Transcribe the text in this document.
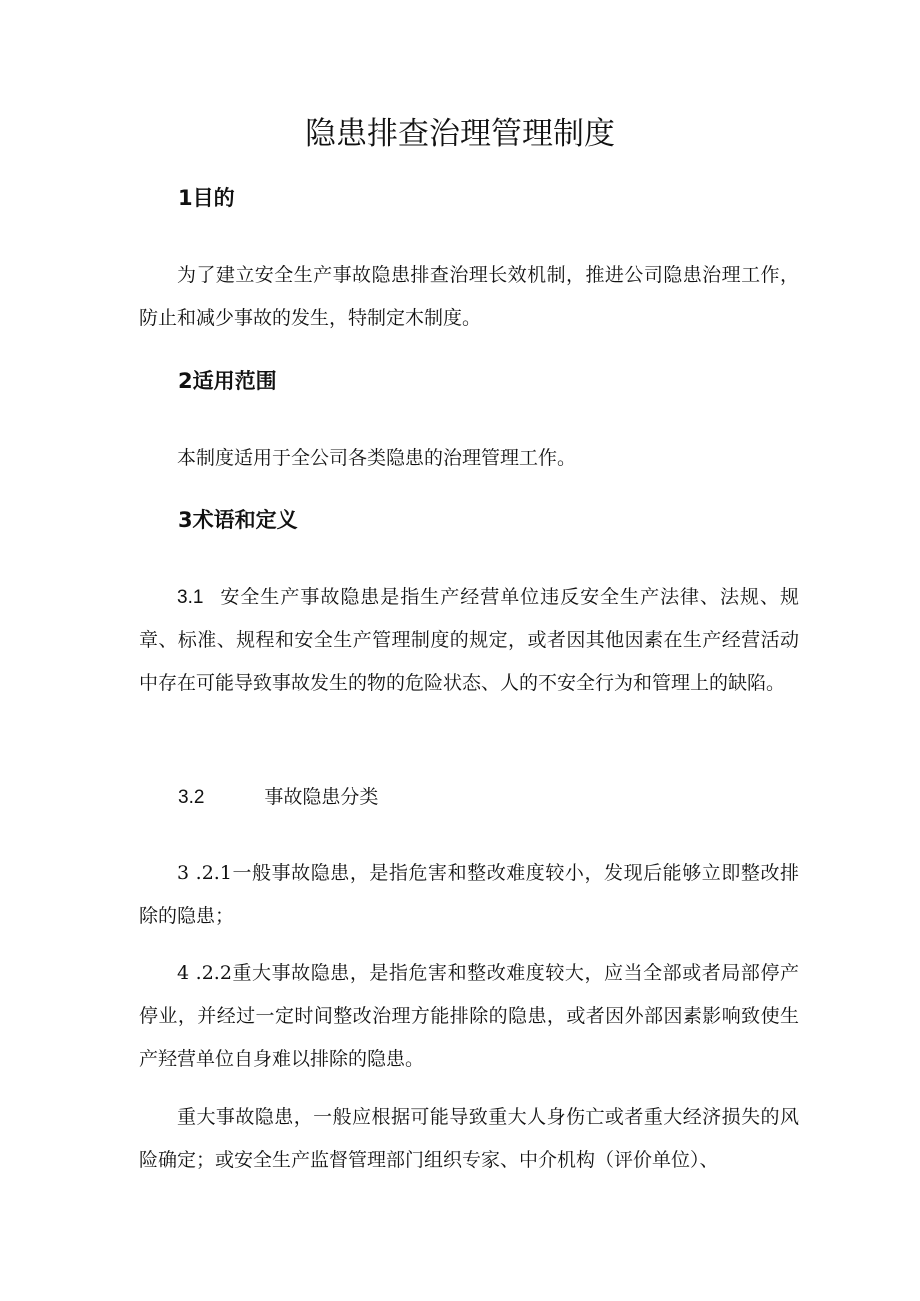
隐患排查治理管理制度
1目的
为了建立安全生产事故隐患排查治理长效机制，推进公司隐患治理工作，防止和减少事故的发生，特制定木制度。
2适用范围
本制度适用于全公司各类隐患的治理管理工作。
3术语和定义
3.1 安全生产事故隐患是指生产经营单位违反安全生产法律、法规、规章、标准、规程和安全生产管理制度的规定，或者因其他因素在生产经营活动中存在可能导致事故发生的物的危险状态、人的不安全行为和管理上的缺陷。
3.2	事故隐患分类
3 .2.1一般事故隐患，是指危害和整改难度较小，发现后能够立即整改排除的隐患；
4 .2.2重大事故隐患，是指危害和整改难度较大，应当全部或者局部停产停业，并经过一定时间整改治理方能排除的隐患，或者因外部因素影响致使生产羟营单位自身难以排除的隐患。
重大事故隐患，一般应根据可能导致重大人身伤亡或者重大经济损失的风险确定；或安全生产监督管理部门组织专家、中介机构（评价单位）、
